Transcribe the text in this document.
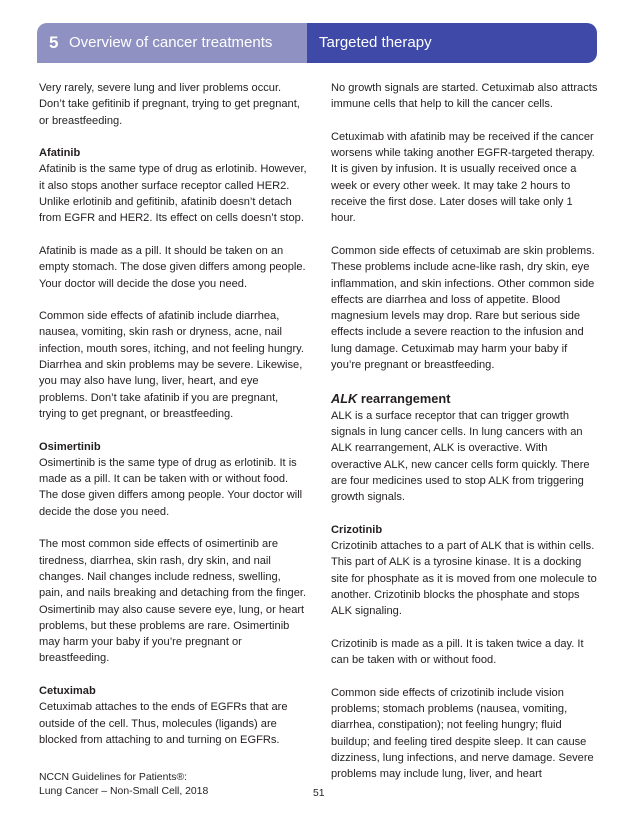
5 Overview of cancer treatments	Targeted therapy

Very rarely, severe lung and liver problems occur. Don’t take gefitinib if pregnant, trying to get pregnant, or breastfeeding.

Afatinib

Afatinib is the same type of drug as erlotinib. However, it also stops another surface receptor called HER2. Unlike erlotinib and gefitinib, afatinib doesn’t detach from EGFR and HER2. Its effect on cells doesn’t stop.

Afatinib is made as a pill. It should be taken on an empty stomach. The dose given differs among people. Your doctor will decide the dose you need.

Common side effects of afatinib include diarrhea, nausea, vomiting, skin rash or dryness, acne, nail infection, mouth sores, itching, and not feeling hungry. Diarrhea and skin problems may be severe. Likewise, you may also have lung, liver, heart, and eye problems. Don’t take afatinib if you are pregnant, trying to get pregnant, or breastfeeding.

Osimertinib

Osimertinib is the same type of drug as erlotinib. It is made as a pill. It can be taken with or without food. The dose given differs among people. Your doctor will decide the dose you need.

The most common side effects of osimertinib are tiredness, diarrhea, skin rash, dry skin, and nail changes. Nail changes include redness, swelling, pain, and nails breaking and detaching from the finger. Osimertinib may also cause severe eye, lung, or heart problems, but these problems are rare. Osimertinib may harm your baby if you’re pregnant or breastfeeding.

Cetuximab

Cetuximab attaches to the ends of EGFRs that are outside of the cell. Thus, molecules (ligands) are blocked from attaching to and turning on EGFRs.

No growth signals are started. Cetuximab also attracts immune cells that help to kill the cancer cells.

Cetuximab with afatinib may be received if the cancer worsens while taking another EGFR-targeted therapy. It is given by infusion. It is usually received once a week or every other week. It may take 2 hours to receive the first dose. Later doses will take only 1 hour.

Common side effects of cetuximab are skin problems. These problems include acne-like rash, dry skin, eye inflammation, and skin infections. Other common side effects are diarrhea and loss of appetite. Blood magnesium levels may drop. Rare but serious side effects include a severe reaction to the infusion and lung damage. Cetuximab may harm your baby if you’re pregnant or breastfeeding.

ALK rearrangement

ALK is a surface receptor that can trigger growth signals in lung cancer cells. In lung cancers with an ALK rearrangement, ALK is overactive. With overactive ALK, new cancer cells form quickly. There are four medicines used to stop ALK from triggering growth signals.

Crizotinib

Crizotinib attaches to a part of ALK that is within cells. This part of ALK is a tyrosine kinase. It is a docking site for phosphate as it is moved from one molecule to another. Crizotinib blocks the phosphate and stops ALK signaling.

Crizotinib is made as a pill. It is taken twice a day. It can be taken with or without food.

Common side effects of crizotinib include vision problems; stomach problems (nausea, vomiting, diarrhea, constipation); not feeling hungry; fluid buildup; and feeling tired despite sleep. It can cause dizziness, lung infections, and nerve damage. Severe problems may include lung, liver, and heart

NCCN Guidelines for Patients®:
Lung Cancer – Non-Small Cell, 2018	51
